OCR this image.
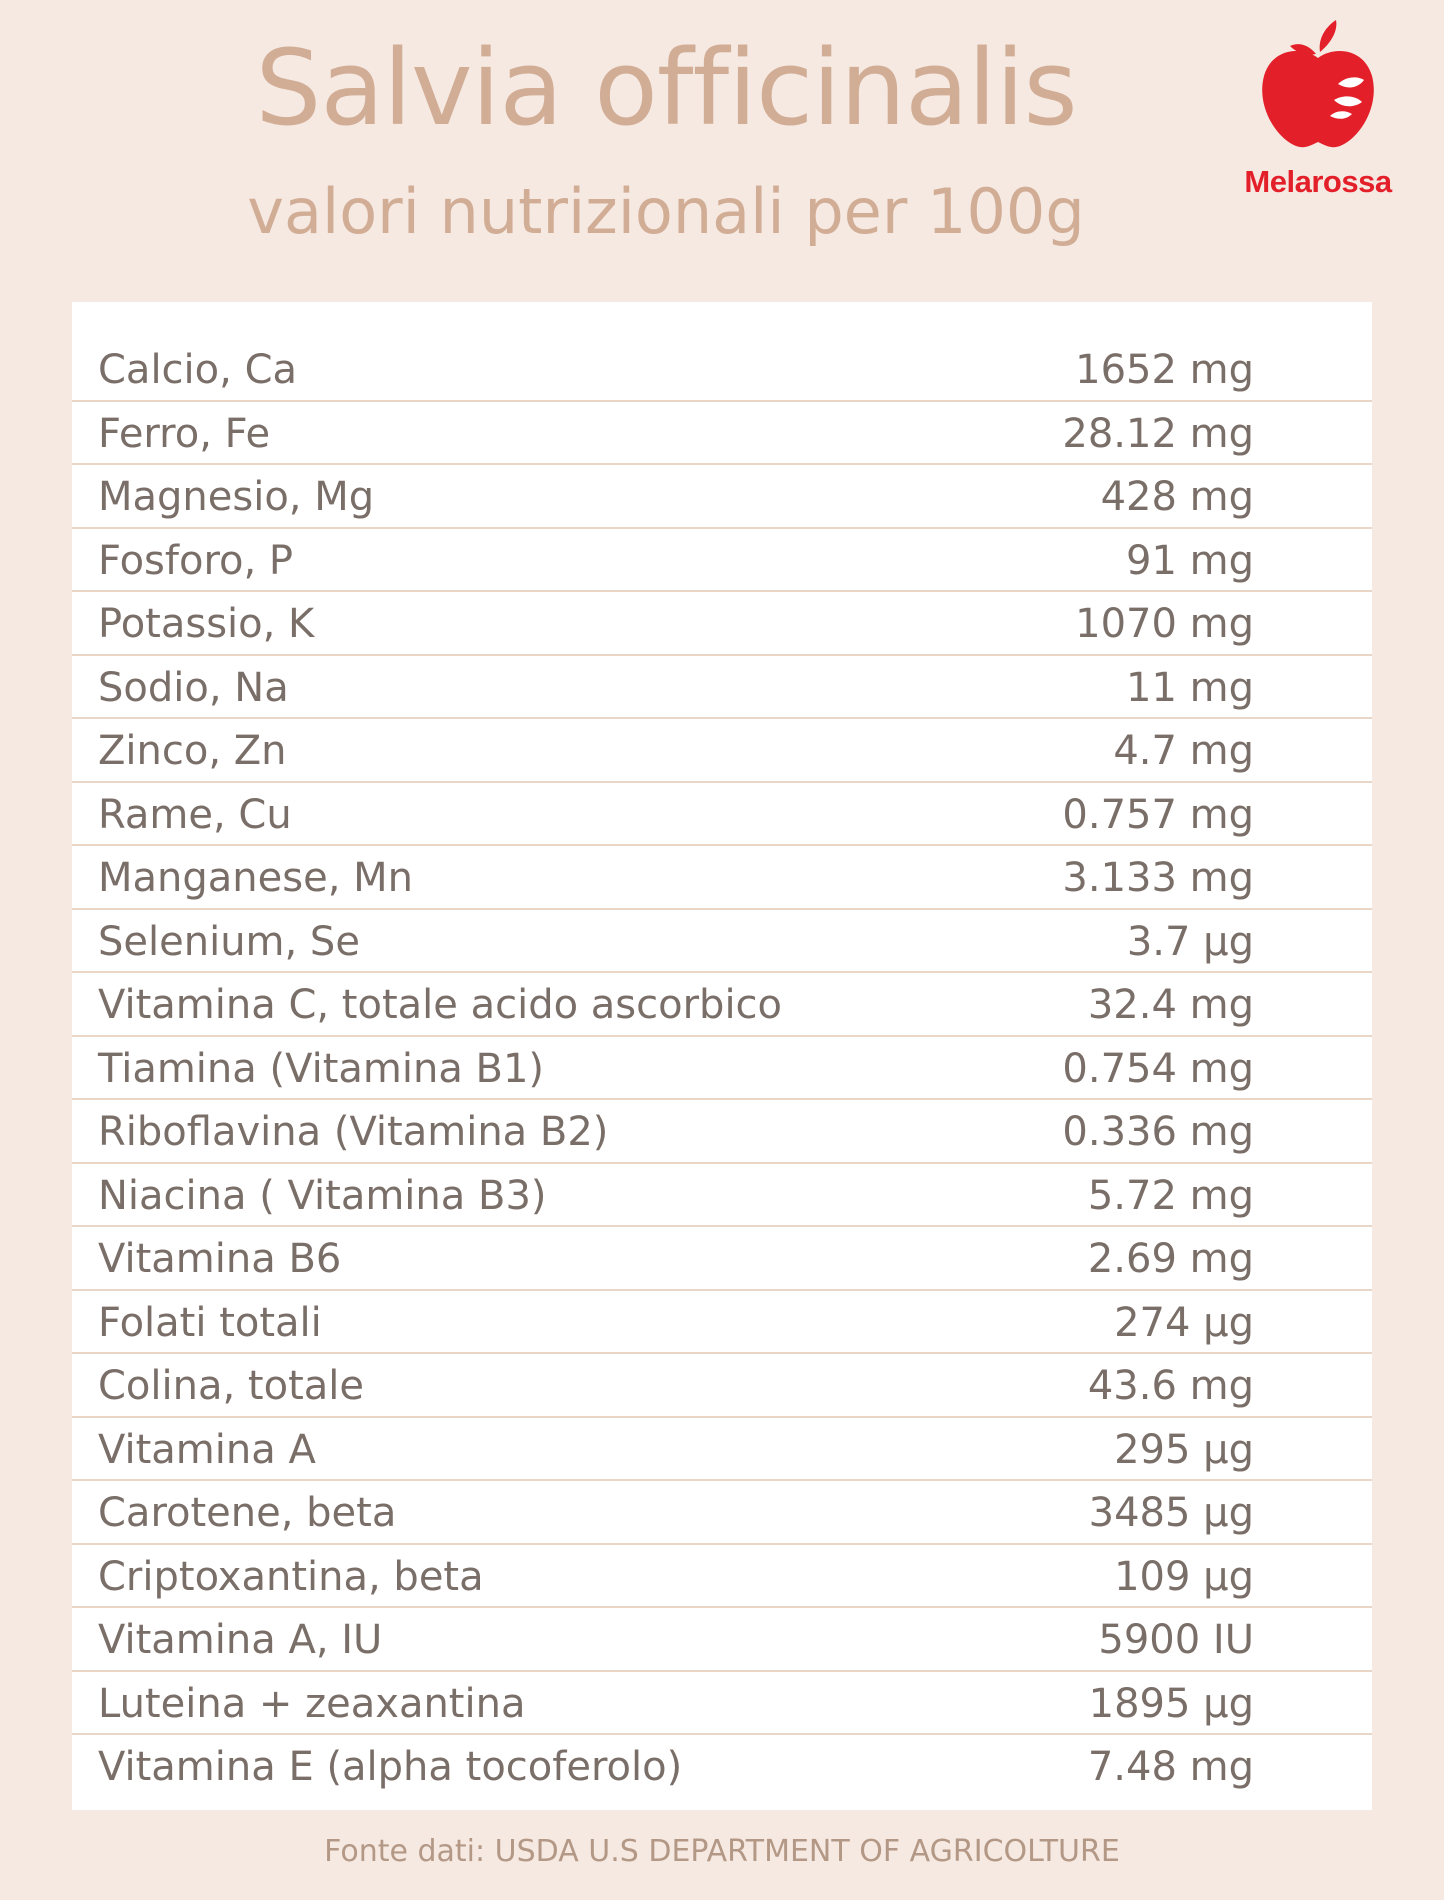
Salvia officinalis
valori nutrizionali per 100g	Melarossa
Calcio, Ca	1652 mg
Ferro, Fe	28.12 mg
Magnesio, Mg	428 mg
Fosforo, P	91 mg
Potassio, K	1070 mg
Sodio, Na	11 mg
Zinco, Zn	4.7 mg
Rame, Cu	0.757 mg
Manganese, Mn	3.133 mg
Selenium, Se	3.7 µg
Vitamina C, totale acido ascorbico	32.4 mg
Tiamina (Vitamina B1)	0.754 mg
Riboflavina (Vitamina B2)	0.336 mg
Niacina ( Vitamina B3)	5.72 mg
Vitamina B6	2.69 mg
Folati totali	274 µg
Colina, totale	43.6 mg
Vitamina A	295 µg
Carotene, beta	3485 µg
Criptoxantina, beta	109 µg
Vitamina A, IU	5900 IU
Luteina + zeaxantina	1895 µg
Vitamina E (alpha tocoferolo)	7.48 mg
Fonte dati: USDA U.S DEPARTMENT OF AGRICOLTURE
